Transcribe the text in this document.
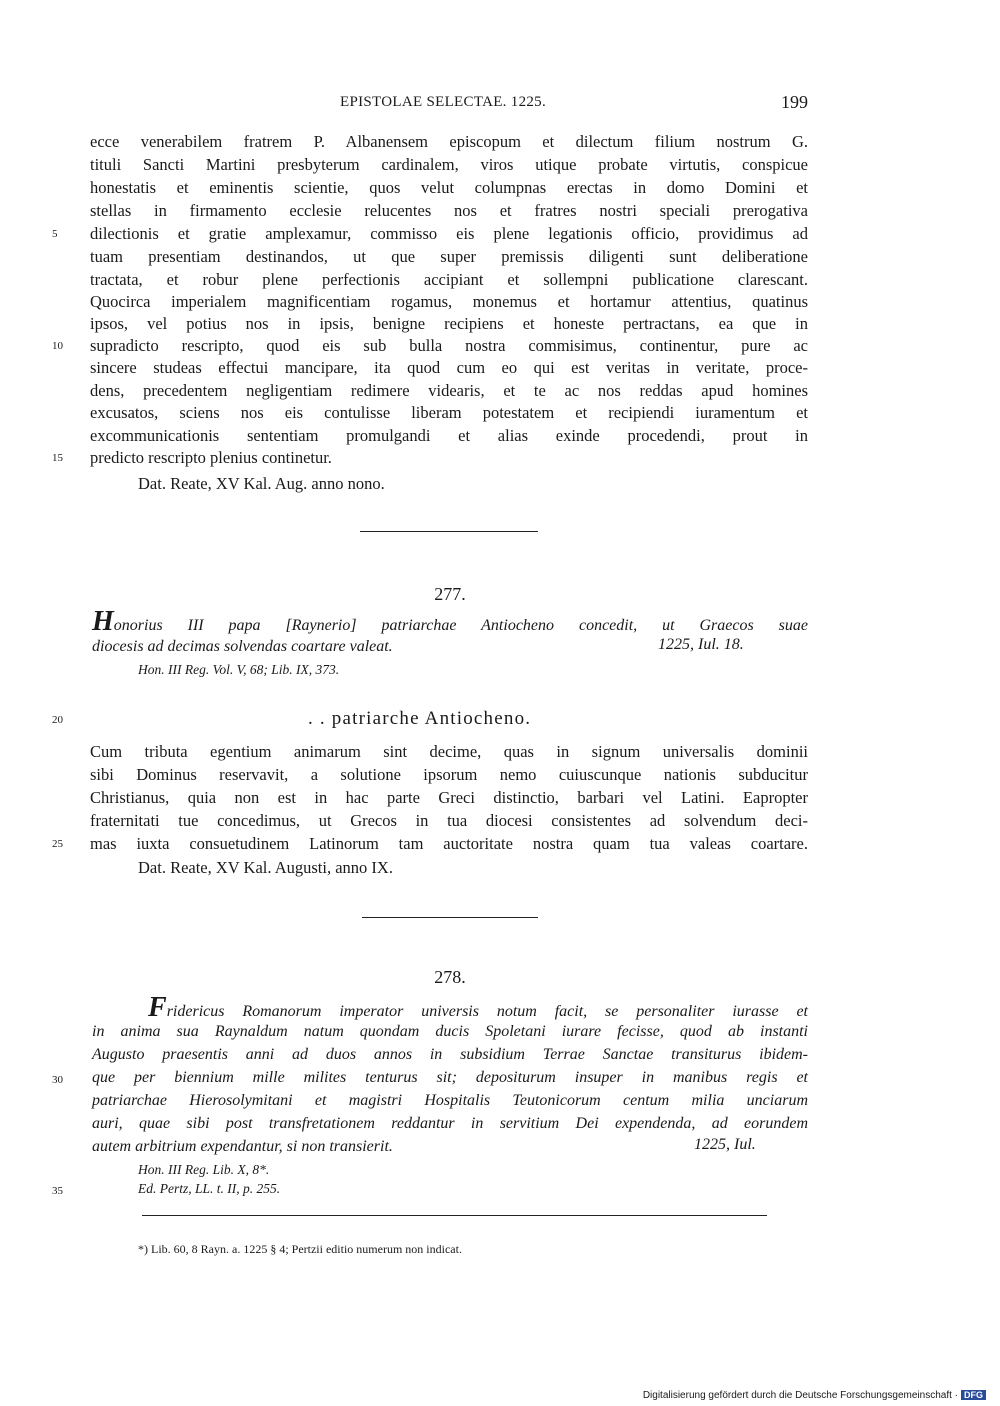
EPISTOLAE SELECTAE. 1225.	199
ecce venerabilem fratrem P. Albanensem episcopum et dilectum filium nostrum G.
tituli Sancti Martini presbyterum cardinalem, viros utique probate virtutis, conspicue
honestatis et eminentis scientie, quos velut columpnas erectas in domo Domini et
stellas in firmamento ecclesie relucentes nos et fratres nostri speciali prerogativa
dilectionis et gratie amplexamur, commisso eis plene legationis officio, providimus ad
tuam presentiam destinandos, ut que super premissis diligenti sunt deliberatione
tractata, et robur plene perfectionis accipiant et sollempni publicatione clarescant.
Quocirca imperialem magnificentiam rogamus, monemus et hortamur attentius, quatinus
ipsos, vel potius nos in ipsis, benigne recipiens et honeste pertractans, ea que in
supradicto rescripto, quod eis sub bulla nostra commisimus, continentur, pure ac
sincere studeas effectui mancipare, ita quod cum eo qui est veritas in veritate, proce-
dens, precedentem negligentiam redimere videaris, et te ac nos reddas apud homines
excusatos, sciens nos eis contulisse liberam potestatem et recipiendi iuramentum et
excommunicationis sententiam promulgandi et alias exinde procedendi, prout in
predicto rescripto plenius continetur.
Dat. Reate, XV Kal. Aug. anno nono.
5
10
15
20
25
30
35
277.
Honorius III papa [Raynerio] patriarchae Antiocheno concedit, ut Graecos suae
diocesis ad decimas solvendas coartare valeat.	1225, Iul. 18.
Hon. III Reg. Vol. V, 68; Lib. IX, 373.
. . patriarche Antiocheno.
Cum tributa egentium animarum sint decime, quas in signum universalis dominii
sibi Dominus reservavit, a solutione ipsorum nemo cuiuscunque nationis subducitur
Christianus, quia non est in hac parte Greci distinctio, barbari vel Latini. Eapropter
fraternitati tue concedimus, ut Grecos in tua diocesi consistentes ad solvendum deci-
mas iuxta consuetudinem Latinorum tam auctoritate nostra quam tua valeas coartare.
Dat. Reate, XV Kal. Augusti, anno IX.
278.
Fridericus Romanorum imperator universis notum facit, se personaliter iurasse et
in anima sua Raynaldum natum quondam ducis Spoletani iurare fecisse, quod ab instanti
Augusto praesentis anni ad duos annos in subsidium Terrae Sanctae transiturus ibidem-
que per biennium mille milites tenturus sit; depositurum insuper in manibus regis et
patriarchae Hierosolymitani et magistri Hospitalis Teutonicorum centum milia unciarum
auri, quae sibi post transfretationem reddantur in servitium Dei expendenda, ad eorundem
autem arbitrium expendantur, si non transierit.	1225, Iul.
Hon. III Reg. Lib. X, 8*.
Ed. Pertz, LL. t. II, p. 255.
*) Lib. 60, 8 Rayn. a. 1225 § 4; Pertzii editio numerum non indicat.
Digitalisierung gefördert durch die Deutsche Forschungsgemeinschaft · DFG
